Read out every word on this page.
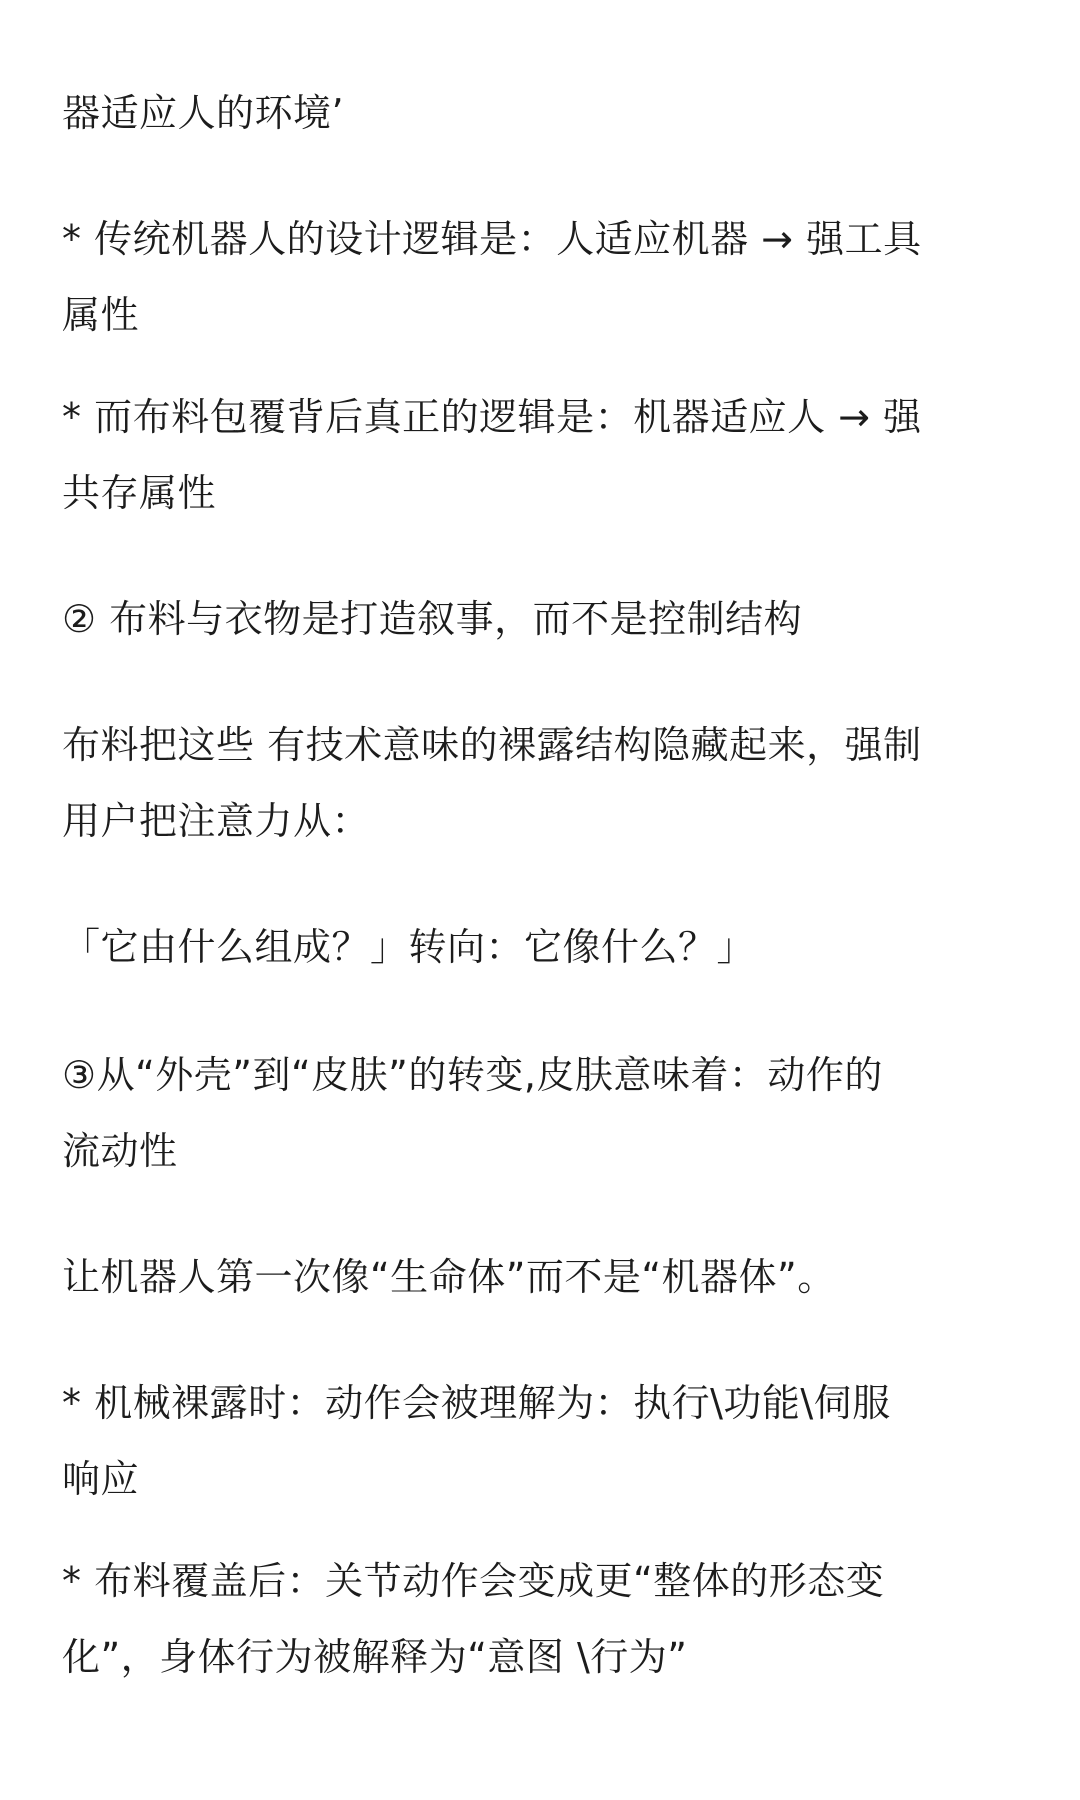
器适应人的环境’
* 传统机器人的设计逻辑是：人适应机器 → 强工具
属性
* 而布料包覆背后真正的逻辑是：机器适应人 → 强
共存属性
② 布料与衣物是打造叙事，而不是控制结构
布料把这些 有技术意味的裸露结构隐藏起来，强制
用户把注意力从：
「它由什么组成？」转向：它像什么？」
③从“外壳”到“皮肤”的转变,皮肤意味着：动作的
流动性
让机器人第一次像“生命体”而不是“机器体”。
* 机械裸露时：动作会被理解为：执行\功能\伺服
响应
* 布料覆盖后：关节动作会变成更“整体的形态变
化”，身体行为被解释为“意图 \行为”
